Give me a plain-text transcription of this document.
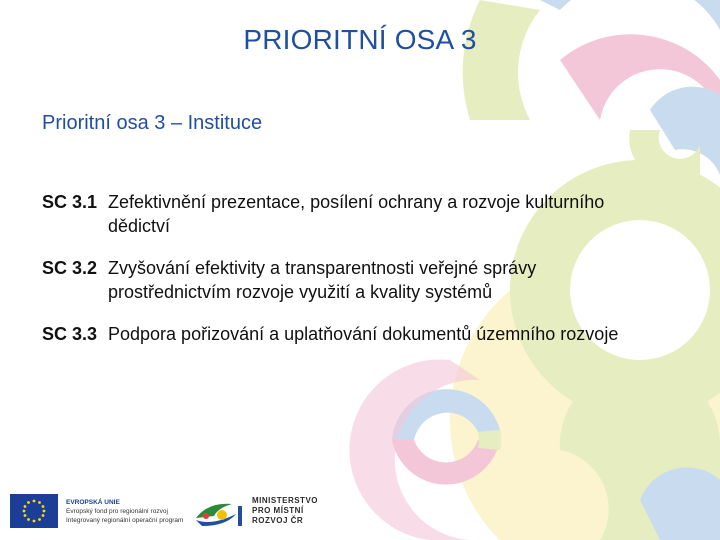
PRIORITNÍ OSA 3
Prioritní osa 3 – Instituce
SC 3.1 Zefektivnění prezentace, posílení ochrany a rozvoje kulturního dědictví
SC 3.2 Zvyšování efektivity a transparentnosti veřejné správy prostřednictvím rozvoje využití a kvality systémů
SC 3.3 Podpora pořizování a uplatňování dokumentů územního rozvoje
EVROPSKÁ UNIE
Evropský fond pro regionální rozvoj
Integrovaný regionální operační program
MINISTERSTVO
PRO MÍSTNÍ
ROZVOJ ČR
